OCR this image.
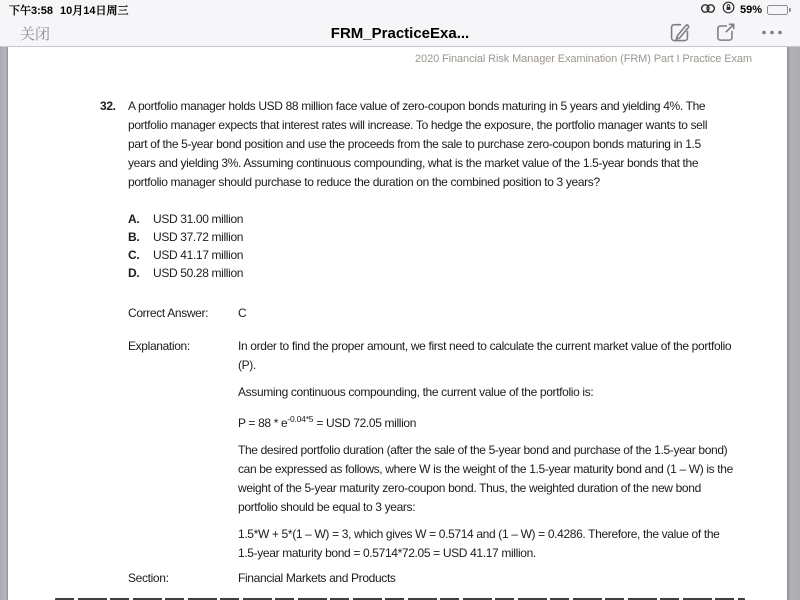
下午3:58 10月14日周三	59%
关闭	FRM_PracticeExa...
2020 Financial Risk Manager Examination (FRM) Part I Practice Exam
32.	A portfolio manager holds USD 88 million face value of zero-coupon bonds maturing in 5 years and yielding 4%. The portfolio manager expects that interest rates will increase. To hedge the exposure, the portfolio manager wants to sell part of the 5-year bond position and use the proceeds from the sale to purchase zero-coupon bonds maturing in 1.5 years and yielding 3%. Assuming continuous compounding, what is the market value of the 1.5-year bonds that the portfolio manager should purchase to reduce the duration on the combined position to 3 years?
A.	USD 31.00 million
B.	USD 37.72 million
C.	USD 41.17 million
D.	USD 50.28 million
Correct Answer:	C
Explanation:	In order to find the proper amount, we first need to calculate the current market value of the portfolio (P).
Assuming continuous compounding, the current value of the portfolio is:
$P = 88 * e^{-0.04*5}$ = USD 72.05 million
The desired portfolio duration (after the sale of the 5-year bond and purchase of the 1.5-year bond) can be expressed as follows, where W is the weight of the 1.5-year maturity bond and (1 – W) is the weight of the 5-year maturity zero-coupon bond. Thus, the weighted duration of the new bond portfolio should be equal to 3 years:
1.5*W + 5*(1 – W) = 3, which gives W = 0.5714 and (1 – W) = 0.4286. Therefore, the value of the 1.5-year maturity bond = 0.5714*72.05 = USD 41.17 million.
Section:	Financial Markets and Products
